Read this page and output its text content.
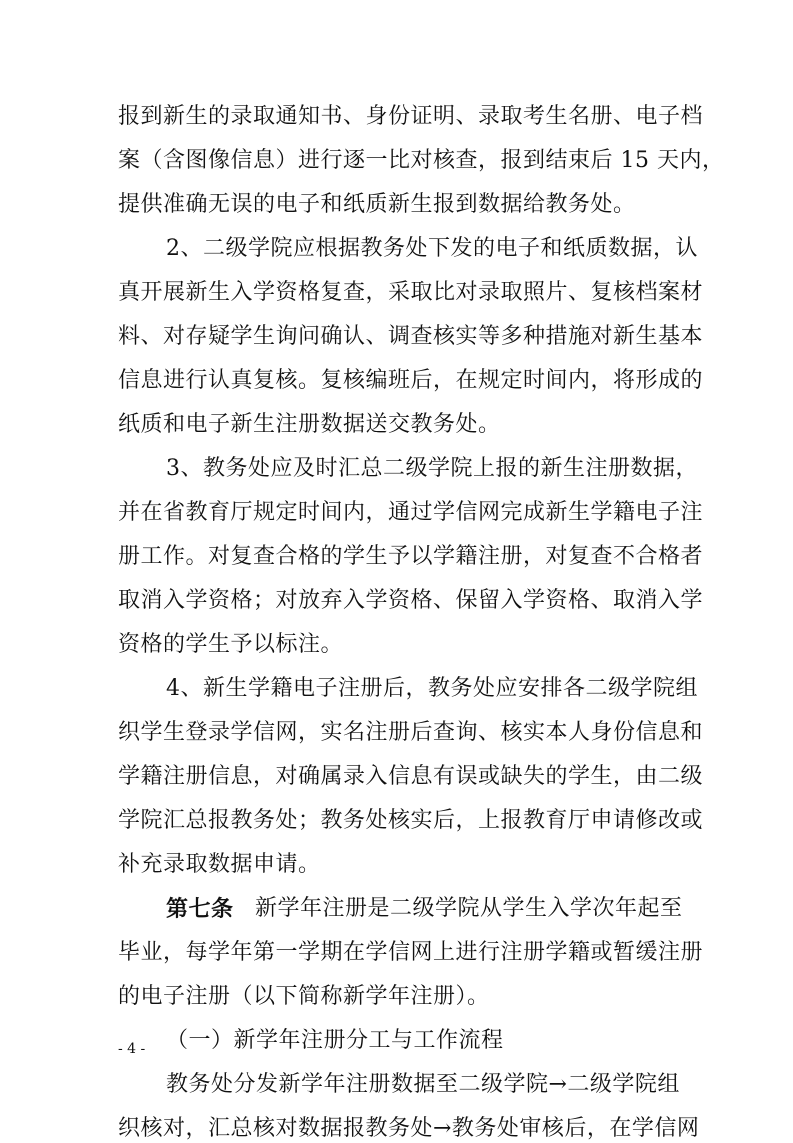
报到新生的录取通知书、身份证明、录取考生名册、电子档
案（含图像信息）进行逐一比对核查，报到结束后 15 天内，
提供准确无误的电子和纸质新生报到数据给教务处。
2、二级学院应根据教务处下发的电子和纸质数据，认
真开展新生入学资格复查，采取比对录取照片、复核档案材
料、对存疑学生询问确认、调查核实等多种措施对新生基本
信息进行认真复核。复核编班后，在规定时间内，将形成的
纸质和电子新生注册数据送交教务处。
3、教务处应及时汇总二级学院上报的新生注册数据，
并在省教育厅规定时间内，通过学信网完成新生学籍电子注
册工作。对复查合格的学生予以学籍注册，对复查不合格者
取消入学资格；对放弃入学资格、保留入学资格、取消入学
资格的学生予以标注。
4、新生学籍电子注册后，教务处应安排各二级学院组
织学生登录学信网，实名注册后查询、核实本人身份信息和
学籍注册信息，对确属录入信息有误或缺失的学生，由二级
学院汇总报教务处；教务处核实后，上报教育厅申请修改或
补充录取数据申请。
第七条 新学年注册是二级学院从学生入学次年起至
毕业，每学年第一学期在学信网上进行注册学籍或暂缓注册
的电子注册（以下简称新学年注册）。
（一）新学年注册分工与工作流程
教务处分发新学年注册数据至二级学院→二级学院组
织核对，汇总核对数据报教务处→教务处审核后，在学信网
- 4 -
